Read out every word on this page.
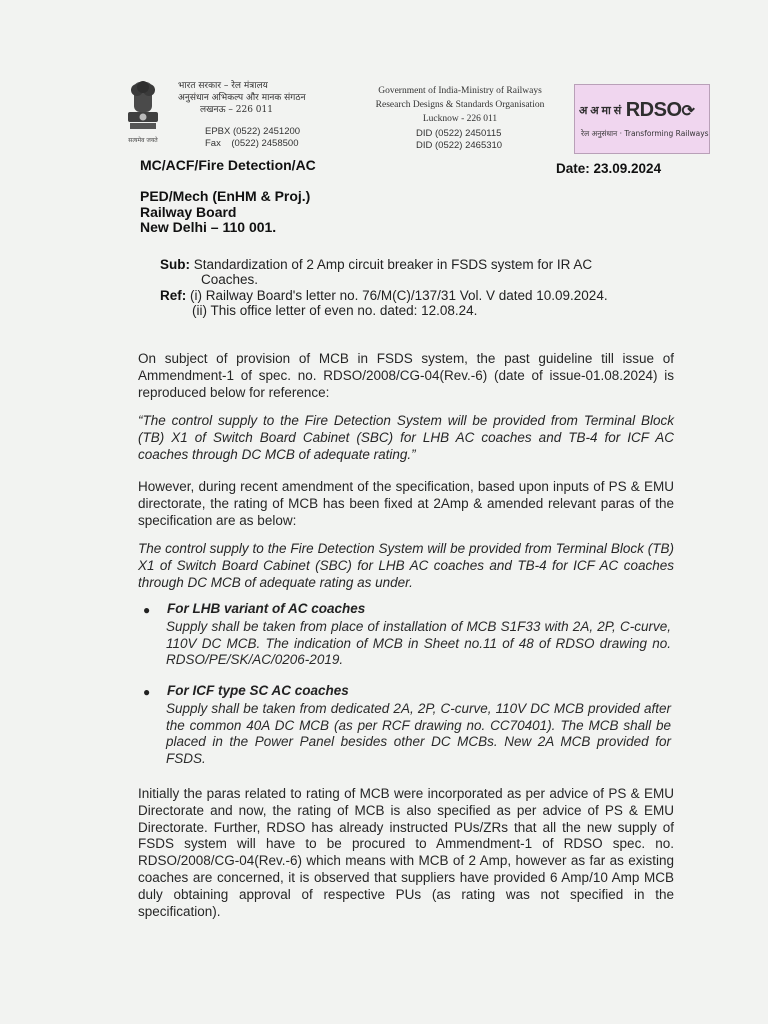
सत्यमेव जयते
भारत सरकार – रेल मंत्रालय
अनुसंधान अभिकल्प और मानक संगठन
लखनऊ – 226 011
EPBX (0522) 2451200
Fax    (0522) 2458500
Government of India-Ministry of Railways
Research Designs & Standards Organisation
Lucknow - 226 011
DID (0522) 2450115
DID (0522) 2465310
अ अ मा सं RDSO⟳
रेल अनुसंधान · Transforming Railways
MC/ACF/Fire Detection/AC	Date: 23.09.2024
PED/Mech (EnHM & Proj.)
Railway Board
New Delhi – 110 001.
Sub: Standardization of 2 Amp circuit breaker in FSDS system for IR AC
Coaches.
Ref: (i) Railway Board's letter no. 76/M(C)/137/31 Vol. V dated 10.09.2024.
(ii) This office letter of even no. dated: 12.08.24.
On subject of provision of MCB in FSDS system, the past guideline till issue of Ammendment-1 of spec. no. RDSO/2008/CG-04(Rev.-6) (date of issue-01.08.2024) is reproduced below for reference:
“The control supply to the Fire Detection System will be provided from Terminal Block (TB) X1 of Switch Board Cabinet (SBC) for LHB AC coaches and TB-4 for ICF AC coaches through DC MCB of adequate rating.”
However, during recent amendment of the specification, based upon inputs of PS & EMU directorate, the rating of MCB has been fixed at 2Amp & amended relevant paras of the specification are as below:
The control supply to the Fire Detection System will be provided from Terminal Block (TB) X1 of Switch Board Cabinet (SBC) for LHB AC coaches and TB-4 for ICF AC coaches through DC MCB of adequate rating as under.
● For LHB variant of AC coaches
Supply shall be taken from place of installation of MCB S1F33 with 2A, 2P, C-curve, 110V DC MCB. The indication of MCB in Sheet no.11 of 48 of RDSO drawing no. RDSO/PE/SK/AC/0206-2019.
● For ICF type SC AC coaches
Supply shall be taken from dedicated 2A, 2P, C-curve, 110V DC MCB provided after the common 40A DC MCB (as per RCF drawing no. CC70401). The MCB shall be placed in the Power Panel besides other DC MCBs. New 2A MCB provided for FSDS.
Initially the paras related to rating of MCB were incorporated as per advice of PS & EMU Directorate and now, the rating of MCB is also specified as per advice of PS & EMU Directorate. Further, RDSO has already instructed PUs/ZRs that all the new supply of FSDS system will have to be procured to Ammendment-1 of RDSO spec. no. RDSO/2008/CG-04(Rev.-6) which means with MCB of 2 Amp, however as far as existing coaches are concerned, it is observed that suppliers have provided 6 Amp/10 Amp MCB duly obtaining approval of respective PUs (as rating was not specified in the specification).
